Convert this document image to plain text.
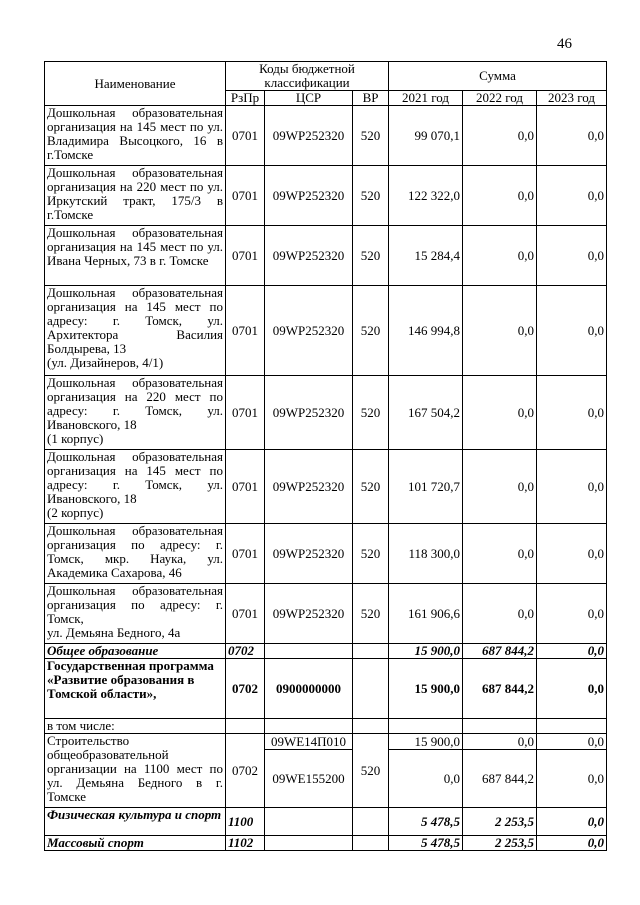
46
Наименование	Коды бюджетной классификации			Сумма		
	РзПр	ЦСР	ВР	2021 год	2022 год	2023 год
Дошкольная образовательная организация на 145 мест по ул. Владимира Высоцкого, 16 в г.Томске	0701	09WP252320	520	99 070,1	0,0	0,0
Дошкольная образовательная организация на 220 мест по ул. Иркутский тракт, 175/3 в г.Томске	0701	09WP252320	520	122 322,0	0,0	0,0
Дошкольная образовательная организация на 145 мест по ул. Ивана Черных, 73 в г. Томске	0701	09WP252320	520	15 284,4	0,0	0,0

Дошкольная образовательная организация на 145 мест по адресу: г. Томск, ул. Архитектора Василия Болдырева, 13
(ул. Дизайнеров, 4/1)	0701	09WP252320	520	146 994,8	0,0	0,0

Дошкольная образовательная организация на 220 мест по адресу: г. Томск, ул. Ивановского, 18
(1 корпус)	0701	09WP252320	520	167 504,2	0,0	0,0

Дошкольная образовательная организация на 145 мест по адресу: г. Томск, ул. Ивановского, 18
(2 корпус)	0701	09WP252320	520	101 720,7	0,0	0,0
Дошкольная образовательная организация по адресу: г. Томск, мкр. Наука, ул. Академика Сахарова, 46	0701	09WP252320	520	118 300,0	0,0	0,0

Дошкольная образовательная организация по адресу: г. Томск,
ул. Демьяна Бедного, 4а	0701	09WP252320	520	161 906,6	0,0	0,0
Общее образование	0702			15 900,0	687 844,2	0,0
Государственная программа «Развитие образования в Томской области»,	0702	0900000000		15 900,0	687 844,2	0,0
в том числе:						
Строительство общеобразовательной организации на 1100 мест по ул. Демьяна Бедного в г. Томске	0702	09WE14П010	520	15 900,0	0,0	0,0
		09WE155200		0,0	687 844,2	0,0
Физическая культура и спорт	1100			5 478,5	2 253,5	0,0
Массовый спорт	1102			5 478,5	2 253,5	0,0
